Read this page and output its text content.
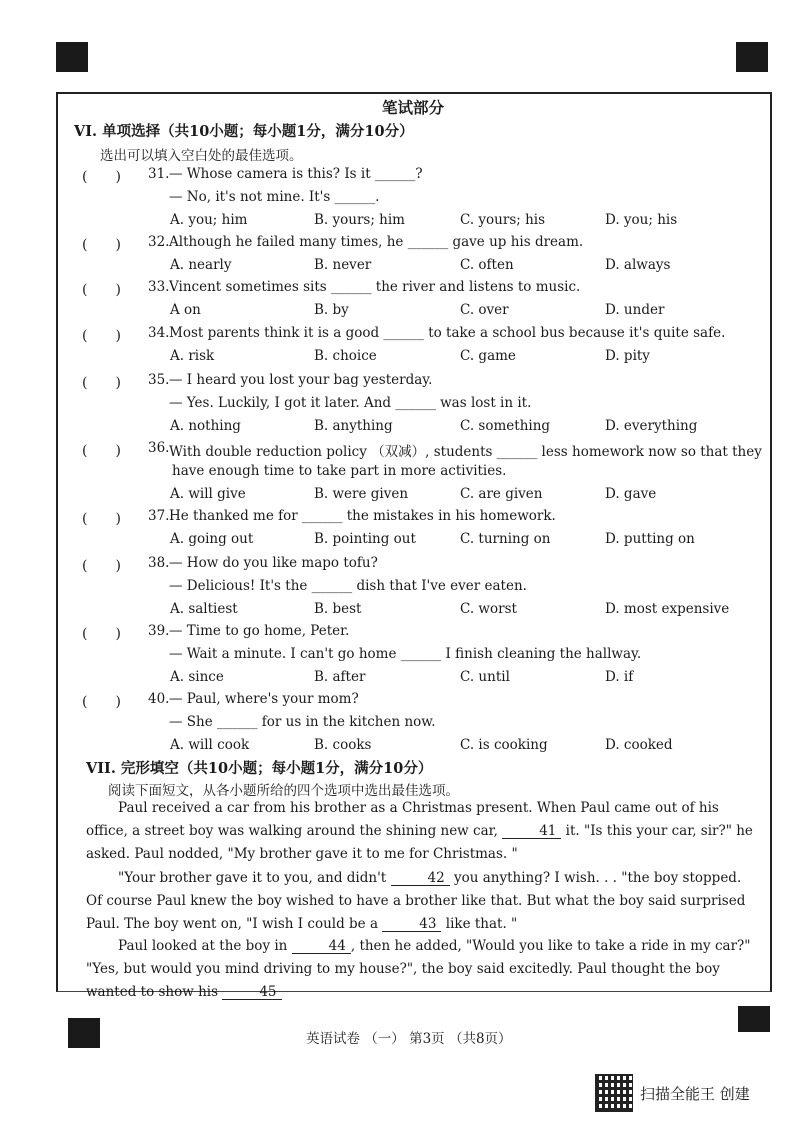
笔试部分
VI. 单项选择（共10小题；每小题1分，满分10分）
选出可以填入空白处的最佳选项。
(　　) 31. — Whose camera is this? Is it ______?
— No, it's not mine. It's ______.
A. you; him	B. yours; him	C. yours; his	D. you; his
(　　) 32. Although he failed many times, he ______ gave up his dream.
A. nearly	B. never	C. often	D. always
(　　) 33. Vincent sometimes sits ______ the river and listens to music.
A on	B. by	C. over	D. under
(　　) 34. Most parents think it is a good ______ to take a school bus because it's quite safe.
A. risk	B. choice	C. game	D. pity
(　　) 35. — I heard you lost your bag yesterday.
— Yes. Luckily, I got it later. And ______ was lost in it.
A. nothing	B. anything	C. something	D. everything
(　　) 36. With double reduction policy （双减）, students ______ less homework now so that they
have enough time to take part in more activities.
A. will give	B. were given	C. are given	D. gave
(　　) 37. He thanked me for ______ the mistakes in his homework.
A. going out	B. pointing out	C. turning on	D. putting on
(　　) 38. — How do you like mapo tofu?
— Delicious! It's the ______ dish that I've ever eaten.
A. saltiest	B. best	C. worst	D. most expensive
(　　) 39. — Time to go home, Peter.
— Wait a minute. I can't go home ______ I finish cleaning the hallway.
A. since	B. after	C. until	D. if
(　　) 40. — Paul, where's your mom?
— She ______ for us in the kitchen now.
A. will cook	B. cooks	C. is cooking	D. cooked
VII. 完形填空（共10小题；每小题1分，满分10分）
阅读下面短文，从各小题所给的四个选项中选出最佳选项。
Paul received a car from his brother as a Christmas present. When Paul came out of his office, a street boy was walking around the shining new car,	41 it. "Is this your car, sir?" he asked. Paul nodded, "My brother gave it to me for Christmas. "
"Your brother gave it to you, and didn't	42 you anything? I wish. . . "the boy stopped. Of course Paul knew the boy wished to have a brother like that. But what the boy said surprised Paul. The boy went on, "I wish I could be a	43 like that. "
Paul looked at the boy in	44 , then he added, "Would you like to take a ride in my car?" "Yes, but would you mind driving to my house?", the boy said excitedly. Paul thought the boy wanted to show his	45
英语试卷 （一） 第3页 （共8页）
扫描全能王 创建
